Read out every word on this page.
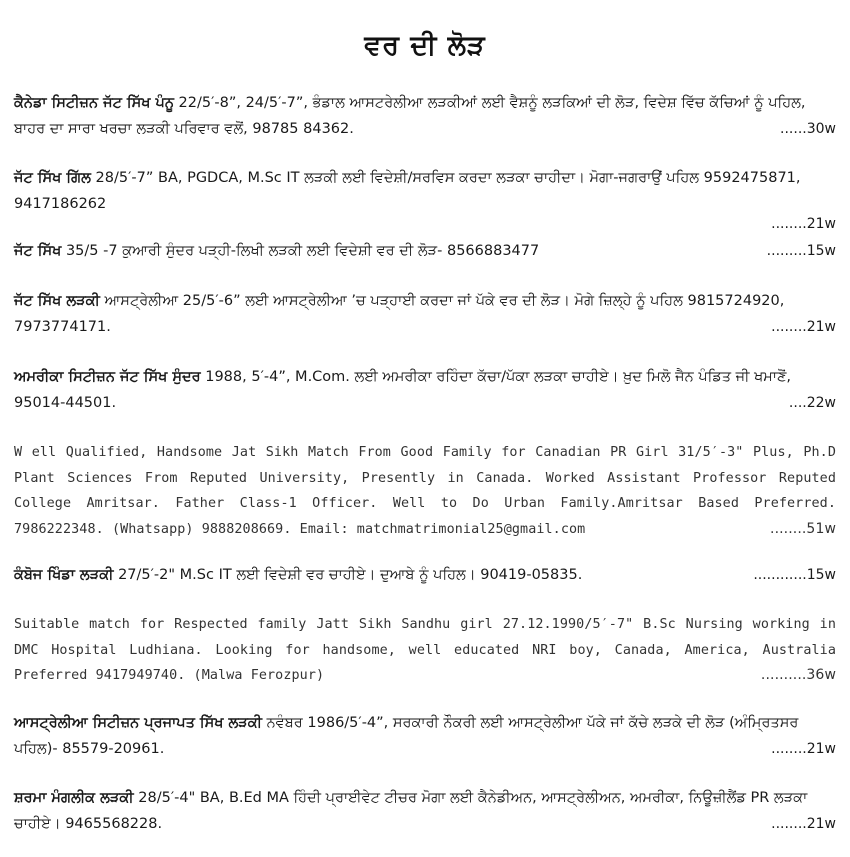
ਵਰ ਦੀ ਲੋੜ
ਕੈਨੇਡਾ ਸਿਟੀਜ਼ਨ ਜੱਟ ਸਿੱਖ ਪੰਨੂ 22/5′-8”, 24/5′-7”, ਭੰਡਾਲ ਆਸਟਰੇਲੀਆ ਲੜਕੀਆਂ ਲਈ ਵੈਸ਼ਨੂੰ ਲੜਕਿਆਂ ਦੀ ਲੋੜ, ਵਿਦੇਸ਼ ਵਿੱਚ ਕੱਚਿਆਂ ਨੂੰ ਪਹਿਲ, ਬਾਹਰ ਦਾ ਸਾਰਾ ਖਰਚਾ ਲੜਕੀ ਪਰਿਵਾਰ ਵਲੋਂ, 98785 84362.	......30w
ਜੱਟ ਸਿੱਖ ਗਿੱਲ 28/5′-7” BA, PGDCA, M.Sc IT ਲੜਕੀ ਲਈ ਵਿਦੇਸ਼ੀ/ਸਰਵਿਸ ਕਰਦਾ ਲੜਕਾ ਚਾਹੀਦਾ। ਮੋਗਾ-ਜਗਰਾਉਂ ਪਹਿਲ 9592475871, 9417186262
........21w
ਜੱਟ ਸਿੱਖ 35/5 -7 ਕੁਆਰੀ ਸੁੰਦਰ ਪੜ੍ਹੀ-ਲਿਖੀ ਲੜਕੀ ਲਈ ਵਿਦੇਸ਼ੀ ਵਰ ਦੀ ਲੋੜ- 8566883477	.........15w
ਜੱਟ ਸਿੱਖ ਲੜਕੀ ਆਸਟ੍ਰੇਲੀਆ 25/5′-6” ਲਈ ਆਸਟ੍ਰੇਲੀਆ ’ਚ ਪੜ੍ਹਾਈ ਕਰਦਾ ਜਾਂ ਪੱਕੇ ਵਰ ਦੀ ਲੋੜ। ਮੋਗੇ ਜ਼ਿਲ੍ਹੇ ਨੂੰ ਪਹਿਲ 9815724920, 7973774171.	........21w
ਅਮਰੀਕਾ ਸਿਟੀਜ਼ਨ ਜੱਟ ਸਿੱਖ ਸੁੰਦਰ 1988, 5′-4”, M.Com. ਲਈ ਅਮਰੀਕਾ ਰਹਿੰਦਾ ਕੱਚਾ/ਪੱਕਾ ਲੜਕਾ ਚਾਹੀਏ। ਖ਼ੁਦ ਮਿਲੋ ਜੈਨ ਪੰਡਿਤ ਜੀ ਖਮਾਣੋਂ, 95014-44501.	....22w
W ell Qualified, Handsome Jat Sikh Match From Good Family for Canadian PR Girl 31/5′-3" Plus, Ph.D Plant Sciences From Reputed University, Presently in Canada. Worked Assistant Professor Reputed College Amritsar. Father Class-1 Officer. Well to Do Urban Family.Amritsar Based Preferred. 7986222348. (Whatsapp) 9888208669. Email: matchmatrimonial25@gmail.com	........51w
ਕੰਬੋਜ ਖਿੰਡਾ ਲੜਕੀ 27/5′-2" M.Sc IT ਲਈ ਵਿਦੇਸ਼ੀ ਵਰ ਚਾਹੀਏ। ਦੁਆਬੇ ਨੂੰ ਪਹਿਲ। 90419-05835.	............15w
Suitable match for Respected family Jatt Sikh Sandhu girl 27.12.1990/5′-7" B.Sc Nursing working in DMC Hospital Ludhiana. Looking for handsome, well educated NRI boy, Canada, America, Australia Preferred 9417949740. (Malwa Ferozpur)	..........36w
ਆਸਟ੍ਰੇਲੀਆ ਸਿਟੀਜ਼ਨ ਪ੍ਰਜਾਪਤ ਸਿੱਖ ਲੜਕੀ ਨਵੰਬਰ 1986/5′-4”, ਸਰਕਾਰੀ ਨੌਕਰੀ ਲਈ ਆਸਟ੍ਰੇਲੀਆ ਪੱਕੇ ਜਾਂ ਕੱਚੇ ਲੜਕੇ ਦੀ ਲੋੜ (ਅੰਮ੍ਰਿਤਸਰ ਪਹਿਲ)- 85579-20961.	........21w
ਸ਼ਰਮਾ ਮੰਗਲੀਕ ਲੜਕੀ 28/5′-4" BA, B.Ed MA ਹਿੰਦੀ ਪ੍ਰਾਈਵੇਟ ਟੀਚਰ ਮੋਗਾ ਲਈ ਕੈਨੇਡੀਅਨ, ਆਸਟ੍ਰੇਲੀਅਨ, ਅਮਰੀਕਾ, ਨਿਊਜ਼ੀਲੈਂਡ PR ਲੜਕਾ ਚਾਹੀਏ। 9465568228.	........21w
